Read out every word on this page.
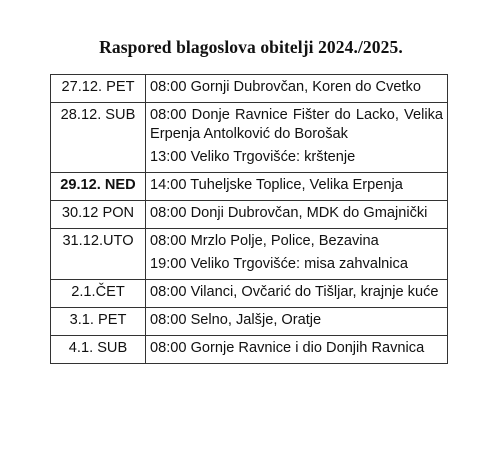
Raspored blagoslova obitelji 2024./2025.
27.12. PET	08:00 Gornji Dubrovčan, Koren do Cvetko

28.12. SUB	08:00 Donje Ravnice Fišter do Lacko, Velika Erpenja Antolković do Borošak
13:00 Veliko Trgovišće: krštenje

29.12. NED	14:00 Tuheljske Toplice, Velika Erpenja

30.12 PON	08:00 Donji Dubrovčan, MDK do Gmajnički

31.12.UTO	08:00 Mrzlo Polje, Police, Bezavina
19:00 Veliko Trgovišće: misa zahvalnica

2.1.ČET	08:00 Vilanci, Ovčarić do Tišljar, krajnje kuće

3.1. PET	08:00 Selno, Jalšje, Oratje

4.1. SUB	08:00 Gornje Ravnice i dio Donjih Ravnica
